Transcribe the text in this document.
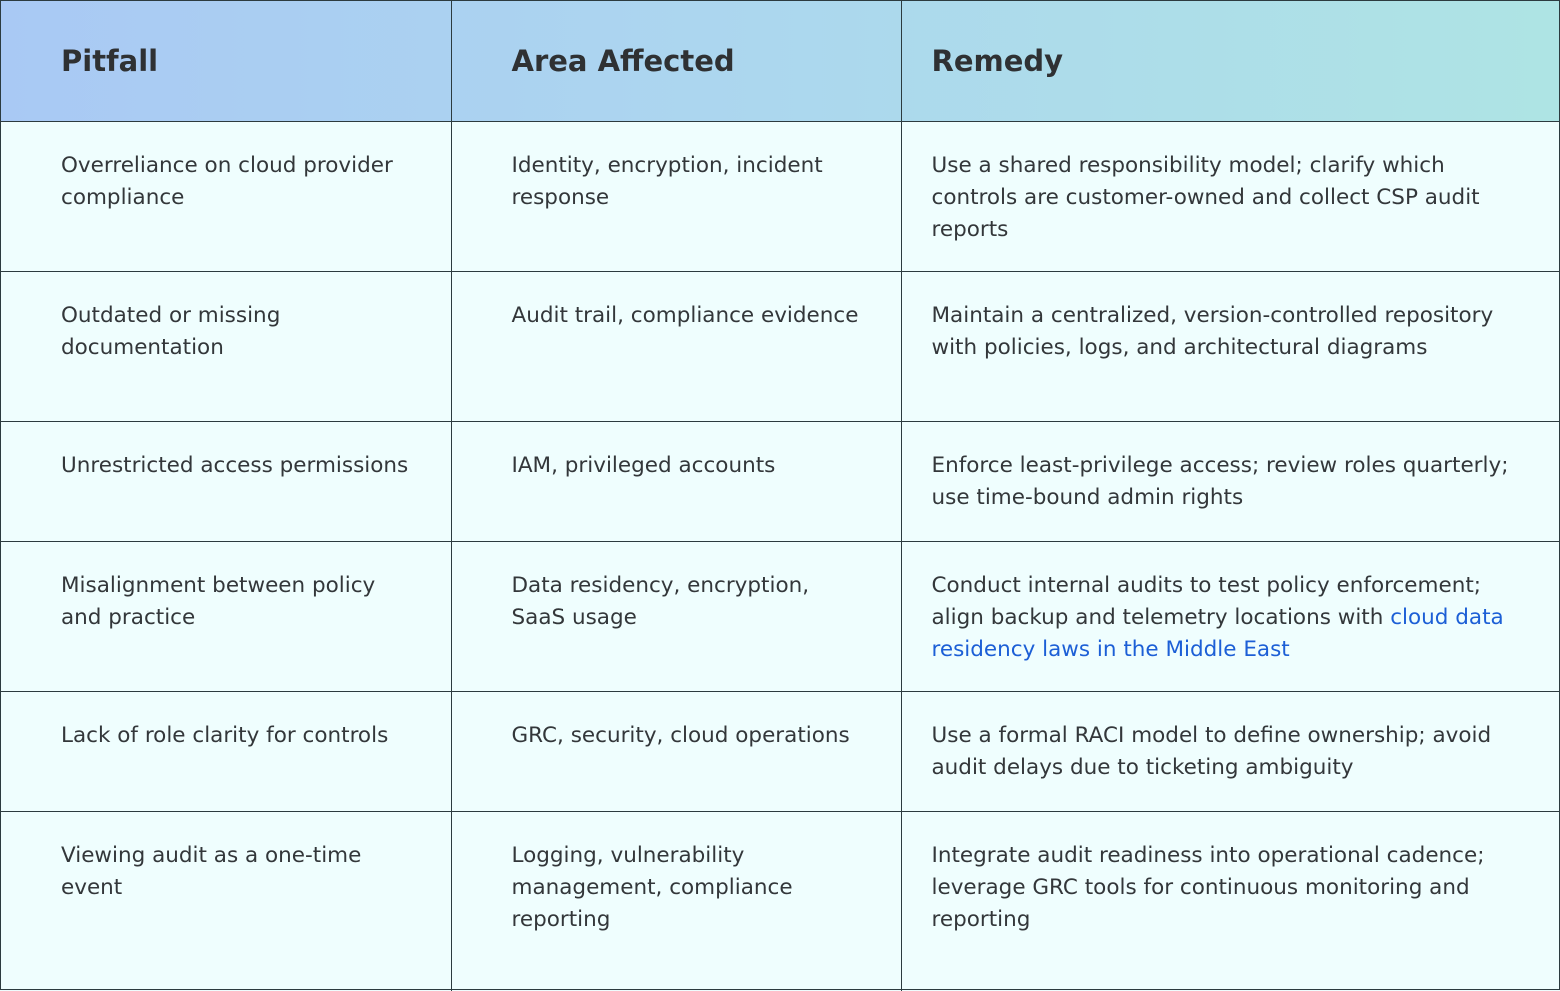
Pitfall	Area Affected	Remedy
Overreliance on cloud provider compliance	Identity, encryption, incident response	Use a shared responsibility model; clarify which controls are customer-owned and collect CSP audit reports
Outdated or missing documentation	Audit trail, compliance evidence	Maintain a centralized, version-controlled repository with policies, logs, and architectural diagrams
Unrestricted access permissions	IAM, privileged accounts	Enforce least-privilege access; review roles quarterly; use time-bound admin rights
Misalignment between policy and practice	Data residency, encryption, SaaS usage	Conduct internal audits to test policy enforcement; align backup and telemetry locations with cloud data residency laws in the Middle East
Lack of role clarity for controls	GRC, security, cloud operations	Use a formal RACI model to define ownership; avoid audit delays due to ticketing ambiguity
Viewing audit as a one-time event	Logging, vulnerability management, compliance reporting	Integrate audit readiness into operational cadence; leverage GRC tools for continuous monitoring and reporting
